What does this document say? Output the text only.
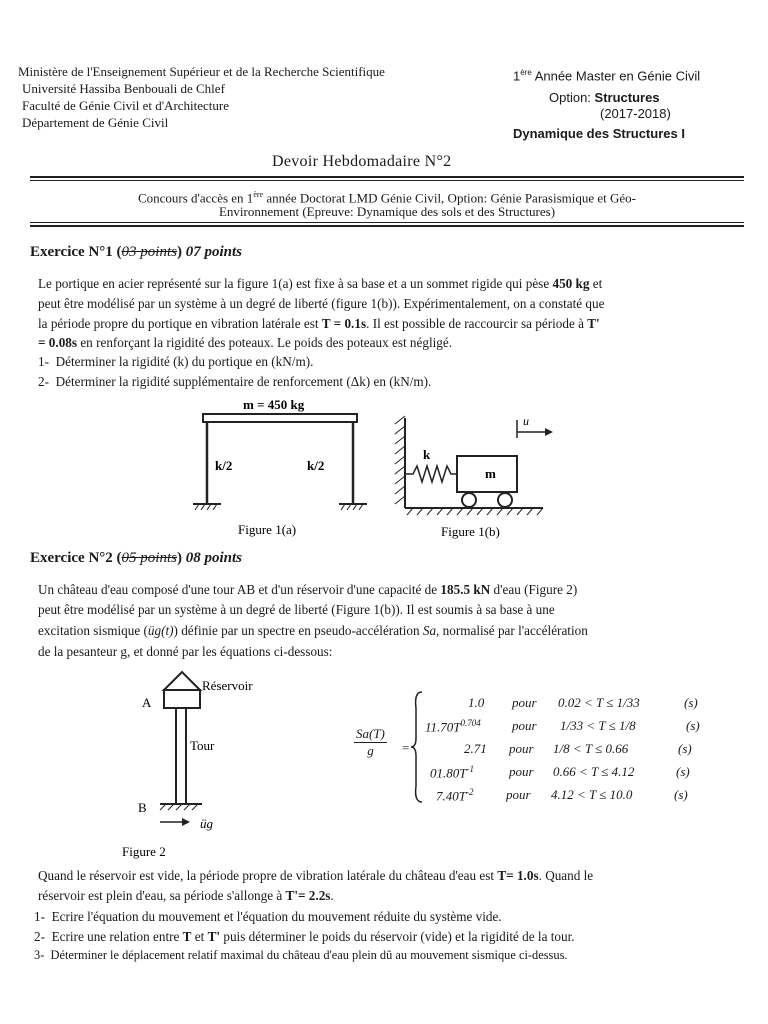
Ministère de l'Enseignement Supérieur et de la Recherche Scientifique
Université Hassiba Benbouali de Chlef
Faculté de Génie Civil et d'Architecture
Département de Génie Civil
1ère Année Master en Génie Civil
Option: Structures
(2017-2018)
Dynamique des Structures I
Devoir Hebdomadaire N°2
Concours d'accès en 1ère année Doctorat LMD Génie Civil, Option: Génie Parasismique et Géo-
Environnement (Epreuve: Dynamique des sols et des Structures)
Exercice N°1 (03 points) 07 points
Le portique en acier représenté sur la figure 1(a) est fixe à sa base et a un sommet rigide qui pèse 450 kg et
peut être modélisé par un système à un degré de liberté (figure 1(b)). Expérimentalement, on a constaté que
la période propre du portique en vibration latérale est T = 0.1s. Il est possible de raccourcir sa période à T'
= 0.08s en renforçant la rigidité des poteaux. Le poids des poteaux est négligé.
1- Déterminer la rigidité (k) du portique en (kN/m).
2- Déterminer la rigidité supplémentaire de renforcement (Δk) en (kN/m).
m = 450 kg
k/2	k/2
Figure 1(a)
u
k
m
Figure 1(b)
Exercice N°2 (05 points) 08 points
Un château d'eau composé d'une tour AB et d'un réservoir d'une capacité de 185.5 kN d'eau (Figure 2)
peut être modélisé par un système à un degré de liberté (Figure 1(b)). Il est soumis à sa base à une
excitation sismique (üg(t)) définie par un spectre en pseudo-accélération Sa, normalisé par l'accélération
de la pesanteur g, et donné par les équations ci-dessous:
Réservoir
A
Tour
B
üg
Figure 2
$\frac{Sa(T)}{g}$ =
1.0 pour 0.02 < T ≤ 1/33	(s)
$11.70T^{0.704}$ pour 1/33 < T ≤ 1/8	(s)
2.71 pour 1/8 < T ≤ 0.66	(s)
$01.80T^{-1}$	pour 0.66 < T ≤ 4.12	(s)
$7.40T^{-2}$	pour 4.12 < T ≤ 10.0	(s)
Quand le réservoir est vide, la période propre de vibration latérale du château d'eau est T= 1.0s. Quand le
réservoir est plein d'eau, sa période s'allonge à T'= 2.2s.
1- Ecrire l'équation du mouvement et l'équation du mouvement réduite du système vide.
2- Ecrire une relation entre T et T' puis déterminer le poids du réservoir (vide) et la rigidité de la tour.
3- Déterminer le déplacement relatif maximal du château d'eau plein dû au mouvement sismique ci-dessus.
